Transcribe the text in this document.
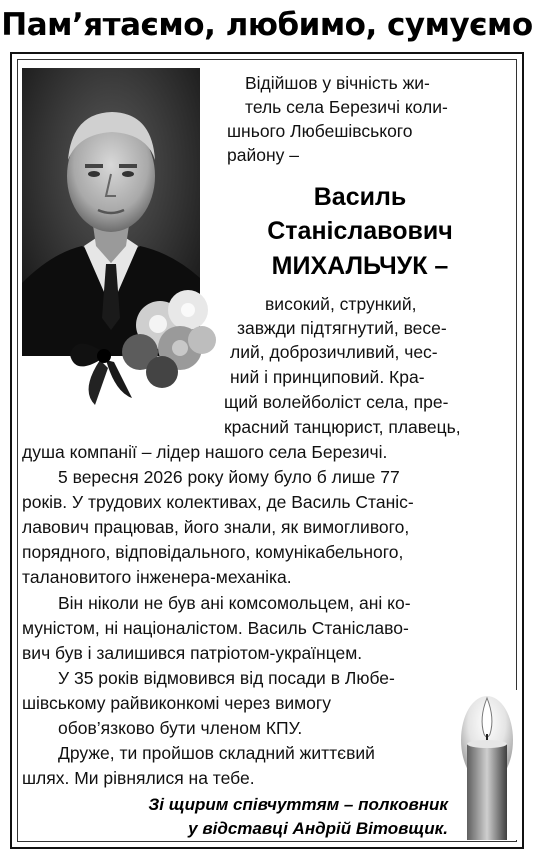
Пам’ятаємо, любимо, сумуємо
Відійшов у вічність жи-
тель села Березичі коли-
шнього Любешівського
району –
Василь
Станіславович
МИХАЛЬЧУК –
високий, стрункий,
завжди підтягнутий, весе-
лий, доброзичливий, чес-
ний і принциповий. Кра-
щий волейболіст села, пре-
красний танцюрист, плавець,
душа компанії – лідер нашого села Березичі.
5 вересня 2026 року йому було б лише 77
років. У трудових колективах, де Василь Станіс-
лавович працював, його знали, як вимогливого,
порядного, відповідального, комунікабельного,
талановитого інженера-механіка.
Він ніколи не був ані комсомольцем, ані ко-
муністом, ні націоналістом. Василь Станіславо-
вич був і залишився патріотом-українцем.
У 35 років відмовився від посади в Любе-
шівському райвиконкомі через вимогу
обов’язково бути членом КПУ.
Друже, ти пройшов складний життєвий
шлях. Ми рівнялися на тебе.
Зі щирим співчуттям – полковник
у відставці Андрій Вітовщик.
